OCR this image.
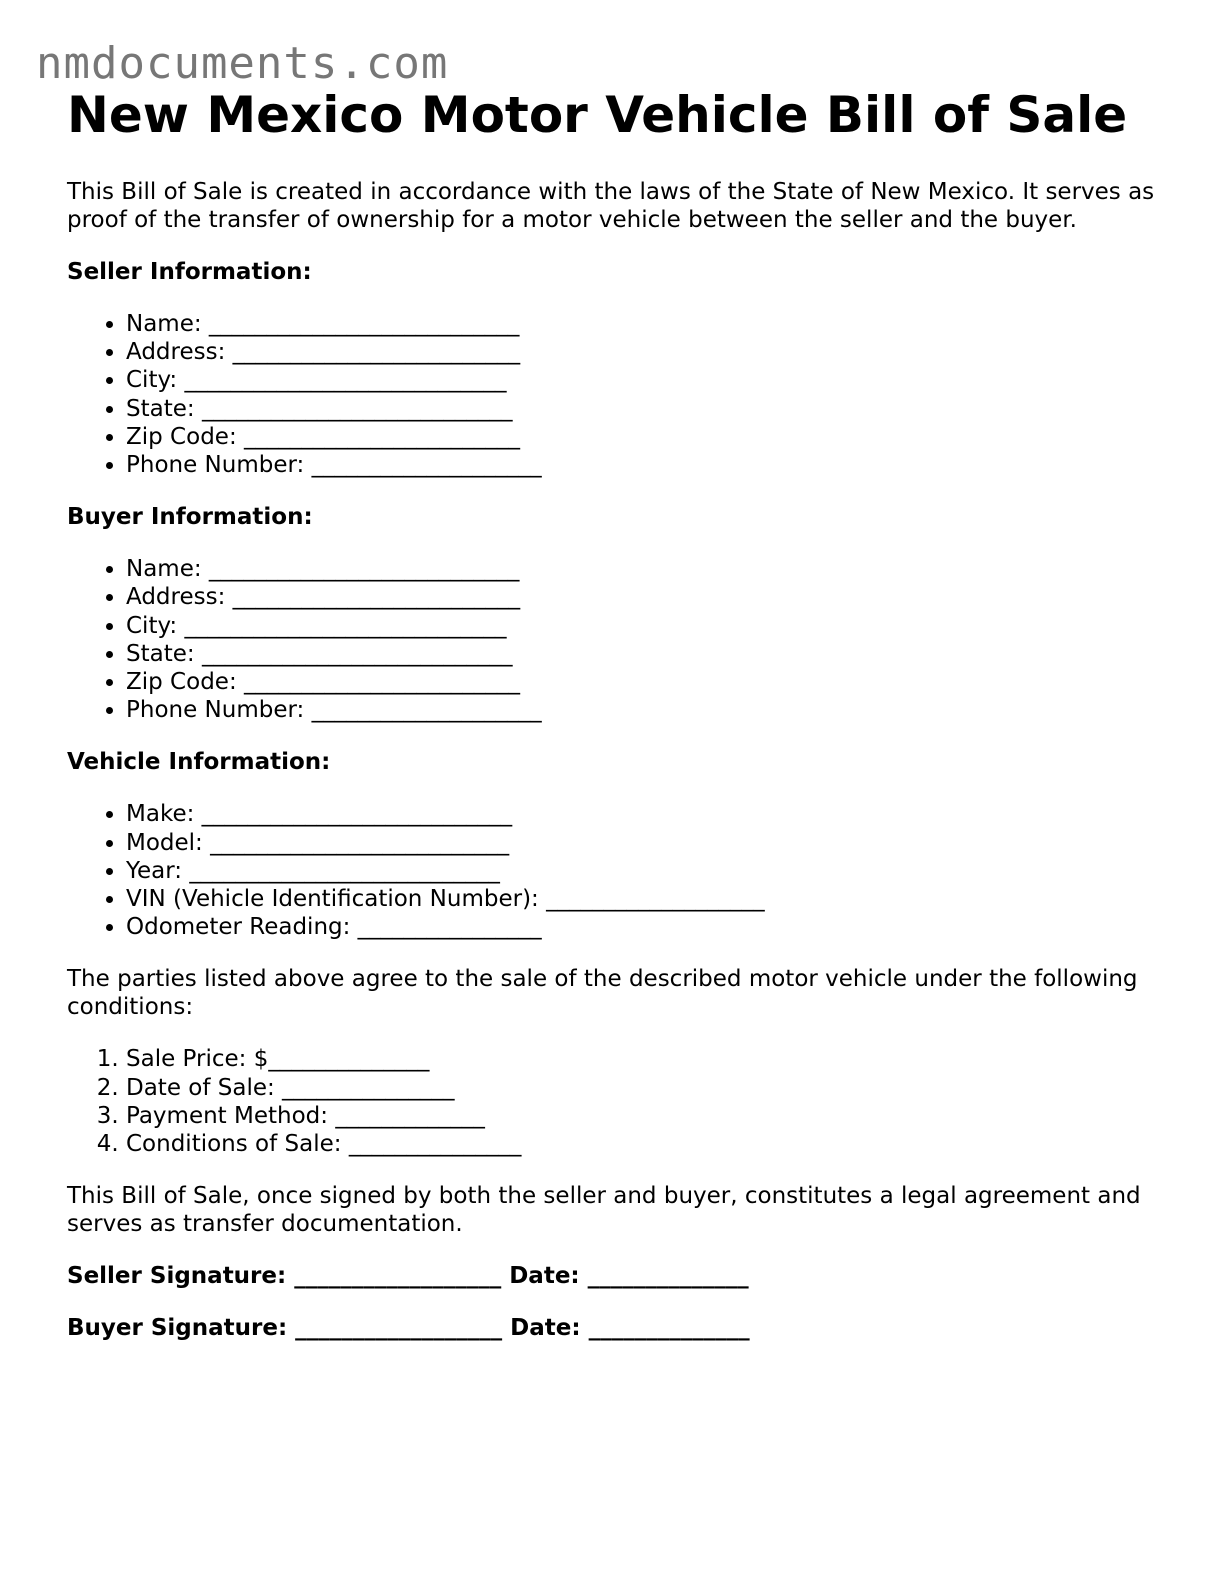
nmdocuments.com
New Mexico Motor Vehicle Bill of Sale

This Bill of Sale is created in accordance with the laws of the State of New Mexico. It serves as proof of the transfer of ownership for a motor vehicle between the seller and the buyer.

Seller Information:
• Name: ___________________________
• Address: _________________________
• City: ____________________________
• State: ___________________________
• Zip Code: ________________________
• Phone Number: ____________________
Buyer Information:
• Name: ___________________________
• Address: _________________________
• City: ____________________________
• State: ___________________________
• Zip Code: ________________________
• Phone Number: ____________________
Vehicle Information:
• Make: ___________________________
• Model: __________________________
• Year: ___________________________
• VIN (Vehicle Identification Number): ___________________
• Odometer Reading: ________________

The parties listed above agree to the sale of the described motor vehicle under the following conditions:

1. Sale Price: $______________
2. Date of Sale: _______________
3. Payment Method: _____________
4. Conditions of Sale: _______________

This Bill of Sale, once signed by both the seller and buyer, constitutes a legal agreement and serves as transfer documentation.

Seller Signature: __________________ Date: ______________
Buyer Signature: __________________ Date: ______________
